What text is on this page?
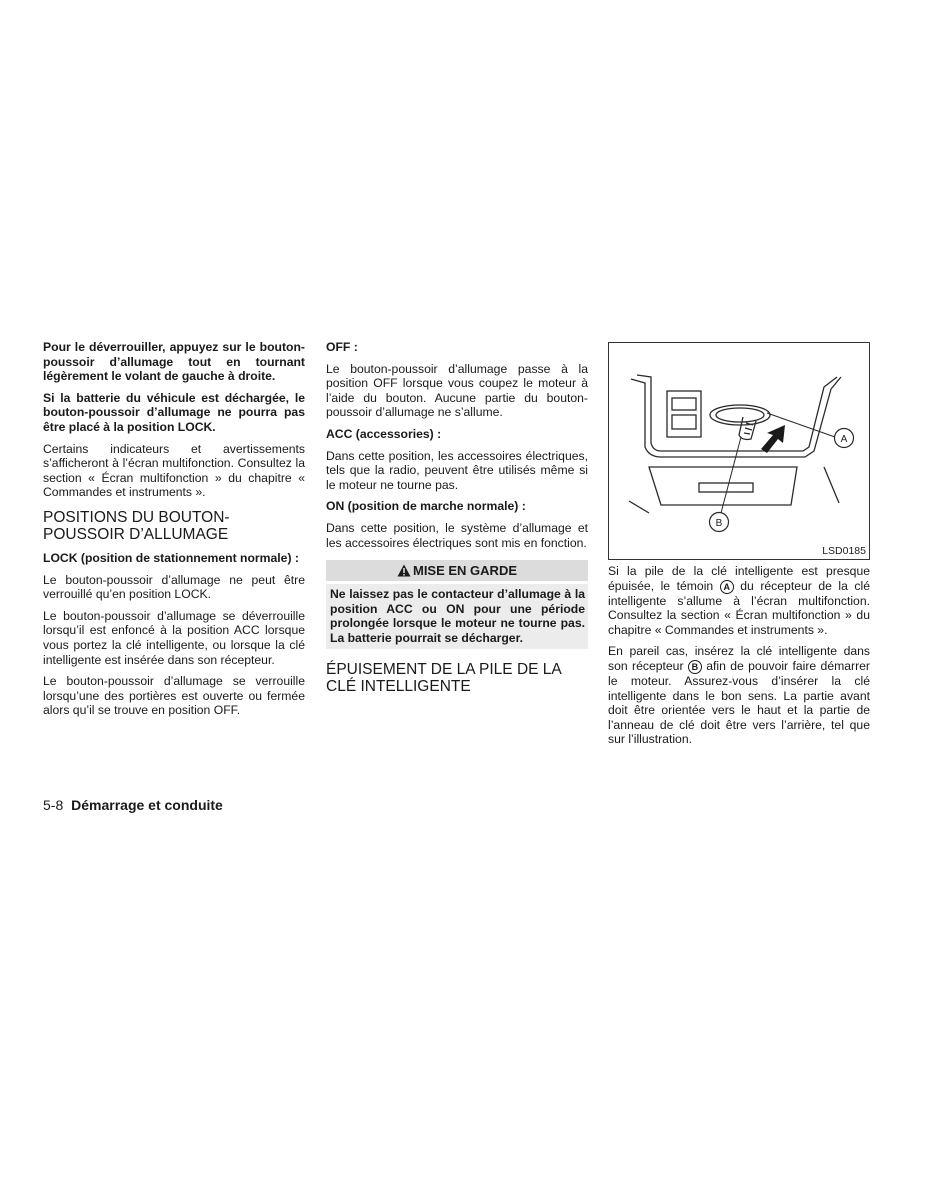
Pour le déverrouiller, appuyez sur le bouton-poussoir d’allumage tout en tournant légèrement le volant de gauche à droite.

Si la batterie du véhicule est déchargée, le bouton-poussoir d’allumage ne pourra pas être placé à la position LOCK.

Certains indicateurs et avertissements s’afficheront à l’écran multifonction. Consultez la section « Écran multifonction » du chapitre « Commandes et instruments ».

POSITIONS DU BOUTON-POUSSOIR D’ALLUMAGE

LOCK (position de stationnement normale) :

Le bouton-poussoir d’allumage ne peut être verrouillé qu’en position LOCK.

Le bouton-poussoir d’allumage se déverrouille lorsqu’il est enfoncé à la position ACC lorsque vous portez la clé intelligente, ou lorsque la clé intelligente est insérée dans son récepteur.

Le bouton-poussoir d’allumage se verrouille lorsqu’une des portières est ouverte ou fermée alors qu’il se trouve en position OFF.

OFF :

Le bouton-poussoir d’allumage passe à la position OFF lorsque vous coupez le moteur à l’aide du bouton. Aucune partie du bouton-poussoir d’allumage ne s’allume.

ACC (accessories) :

Dans cette position, les accessoires électriques, tels que la radio, peuvent être utilisés même si le moteur ne tourne pas.

ON (position de marche normale) :

Dans cette position, le système d’allumage et les accessoires électriques sont mis en fonction.

MISE EN GARDE
Ne laissez pas le contacteur d’allumage à la position ACC ou ON pour une période prolongée lorsque le moteur ne tourne pas. La batterie pourrait se décharger.
ÉPUISEMENT DE LA PILE DE LA CLÉ INTELLIGENTE
A
B
LSD0185

Si la pile de la clé intelligente est presque épuisée, le témoin A du récepteur de la clé intelligente s’allume à l’écran multifonction. Consultez la section « Écran multifonction » du chapitre « Commandes et instruments ».

En pareil cas, insérez la clé intelligente dans son récepteur B afin de pouvoir faire démarrer le moteur. Assurez-vous d’insérer la clé intelligente dans le bon sens. La partie avant doit être orientée vers le haut et la partie de l’anneau de clé doit être vers l’arrière, tel que sur l’illustration.

5-8 Démarrage et conduite
